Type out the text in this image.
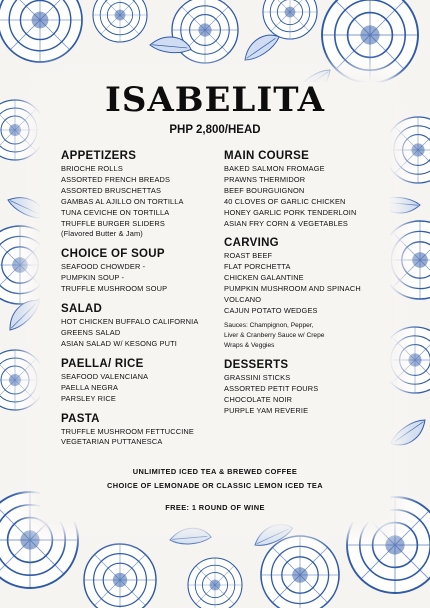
ISABELITA
PHP 2,800/HEAD
APPETIZERS
BRIOCHE ROLLS
ASSORTED FRENCH BREADS
ASSORTED BRUSCHETTAS
GAMBAS AL AJILLO ON TORTILLA
TUNA CEVICHE ON TORTILLA
TRUFFLE BURGER SLIDERS
(Flavored Butter & Jam)
CHOICE OF SOUP
SEAFOOD CHOWDER -
PUMPKIN SOUP -
TRUFFLE MUSHROOM SOUP
SALAD
HOT CHICKEN BUFFALO CALIFORNIA
GREENS SALAD
ASIAN SALAD W/ KESONG PUTI
PAELLA/ RICE
SEAFOOD VALENCIANA
PAELLA NEGRA
PARSLEY RICE
PASTA
TRUFFLE MUSHROOM FETTUCCINE
VEGETARIAN PUTTANESCA
MAIN COURSE
BAKED SALMON FROMAGE
PRAWNS THERMIDOR
BEEF BOURGUIGNON
40 CLOVES OF GARLIC CHICKEN
HONEY GARLIC PORK TENDERLOIN
ASIAN FRY CORN & VEGETABLES
CARVING
ROAST BEEF
FLAT PORCHETTA
CHICKEN GALANTINE
PUMPKIN MUSHROOM AND SPINACH
VOLCANO
CAJUN POTATO WEDGES
Sauces: Champignon, Pepper,
Liver & Cranberry Sauce w/ Crepe
Wraps & Veggies
DESSERTS
GRASSINI STICKS
ASSORTED PETIT FOURS
CHOCOLATE NOIR
PURPLE YAM REVERIE
UNLIMITED ICED TEA & BREWED COFFEE
CHOICE OF LEMONADE OR CLASSIC LEMON ICED TEA
FREE: 1 ROUND OF WINE
